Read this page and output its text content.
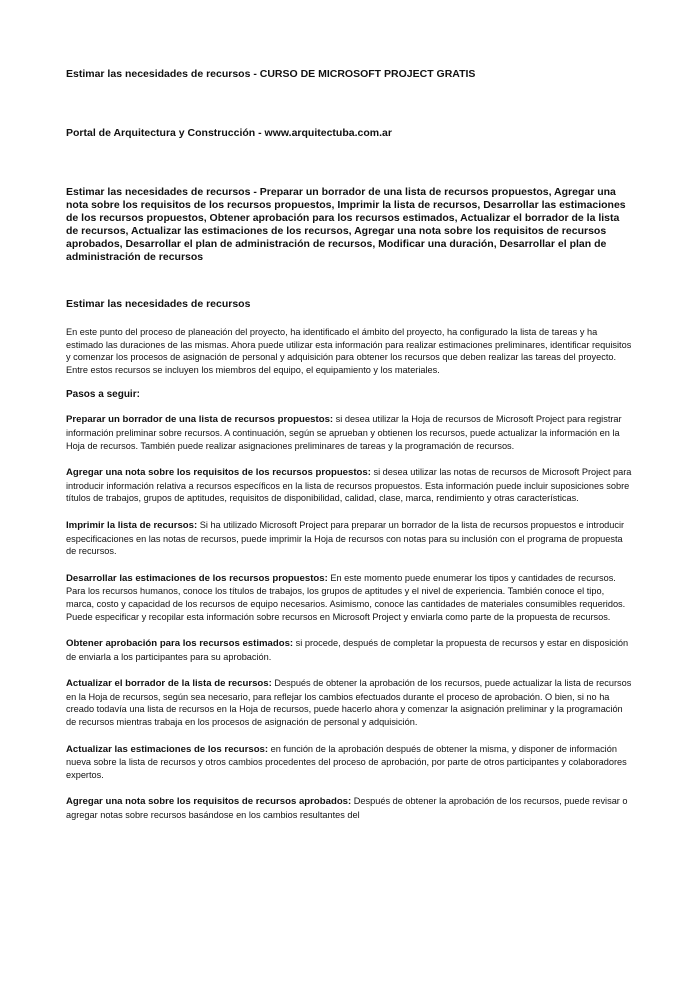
Estimar las necesidades de recursos - CURSO DE MICROSOFT PROJECT GRATIS

Portal de Arquitectura y Construcción - www.arquitectuba.com.ar

Estimar las necesidades de recursos - Preparar un borrador de una lista de recursos propuestos, Agregar una nota sobre los requisitos de los recursos propuestos, Imprimir la lista de recursos, Desarrollar las estimaciones de los recursos propuestos, Obtener aprobación para los recursos estimados, Actualizar el borrador de la lista de recursos, Actualizar las estimaciones de los recursos, Agregar una nota sobre los requisitos de recursos aprobados, Desarrollar el plan de administración de recursos, Modificar una duración, Desarrollar el plan de administración de recursos

Estimar las necesidades de recursos

En este punto del proceso de planeación del proyecto, ha identificado el ámbito del proyecto, ha configurado la lista de tareas y ha estimado las duraciones de las mismas. Ahora puede utilizar esta información para realizar estimaciones preliminares, identificar requisitos y comenzar los procesos de asignación de personal y adquisición para obtener los recursos que deben realizar las tareas del proyecto. Entre estos recursos se incluyen los miembros del equipo, el equipamiento y los materiales.

Pasos a seguir:

Preparar un borrador de una lista de recursos propuestos: si desea utilizar la Hoja de recursos de Microsoft Project para registrar información preliminar sobre recursos. A continuación, según se aprueban y obtienen los recursos, puede actualizar la información en la Hoja de recursos. También puede realizar asignaciones preliminares de tareas y la programación de recursos.

Agregar una nota sobre los requisitos de los recursos propuestos: si desea utilizar las notas de recursos de Microsoft Project para introducir información relativa a recursos específicos en la lista de recursos propuestos. Esta información puede incluir suposiciones sobre títulos de trabajos, grupos de aptitudes, requisitos de disponibilidad, calidad, clase, marca, rendimiento y otras características.

Imprimir la lista de recursos: Si ha utilizado Microsoft Project para preparar un borrador de la lista de recursos propuestos e introducir especificaciones en las notas de recursos, puede imprimir la Hoja de recursos con notas para su inclusión con el programa de propuesta de recursos.

Desarrollar las estimaciones de los recursos propuestos: En este momento puede enumerar los tipos y cantidades de recursos. Para los recursos humanos, conoce los títulos de trabajos, los grupos de aptitudes y el nivel de experiencia. También conoce el tipo, marca, costo y capacidad de los recursos de equipo necesarios. Asimismo, conoce las cantidades de materiales consumibles requeridos. Puede especificar y recopilar esta información sobre recursos en Microsoft Project y enviarla como parte de la propuesta de recursos.

Obtener aprobación para los recursos estimados: si procede, después de completar la propuesta de recursos y estar en disposición de enviarla a los participantes para su aprobación.

Actualizar el borrador de la lista de recursos: Después de obtener la aprobación de los recursos, puede actualizar la lista de recursos en la Hoja de recursos, según sea necesario, para reflejar los cambios efectuados durante el proceso de aprobación. O bien, si no ha creado todavía una lista de recursos en la Hoja de recursos, puede hacerlo ahora y comenzar la asignación preliminar y la programación de recursos mientras trabaja en los procesos de asignación de personal y adquisición.

Actualizar las estimaciones de los recursos: en función de la aprobación después de obtener la misma, y disponer de información nueva sobre la lista de recursos y otros cambios procedentes del proceso de aprobación, por parte de otros participantes y colaboradores expertos.

Agregar una nota sobre los requisitos de recursos aprobados: Después de obtener la aprobación de los recursos, puede revisar o agregar notas sobre recursos basándose en los cambios resultantes del
